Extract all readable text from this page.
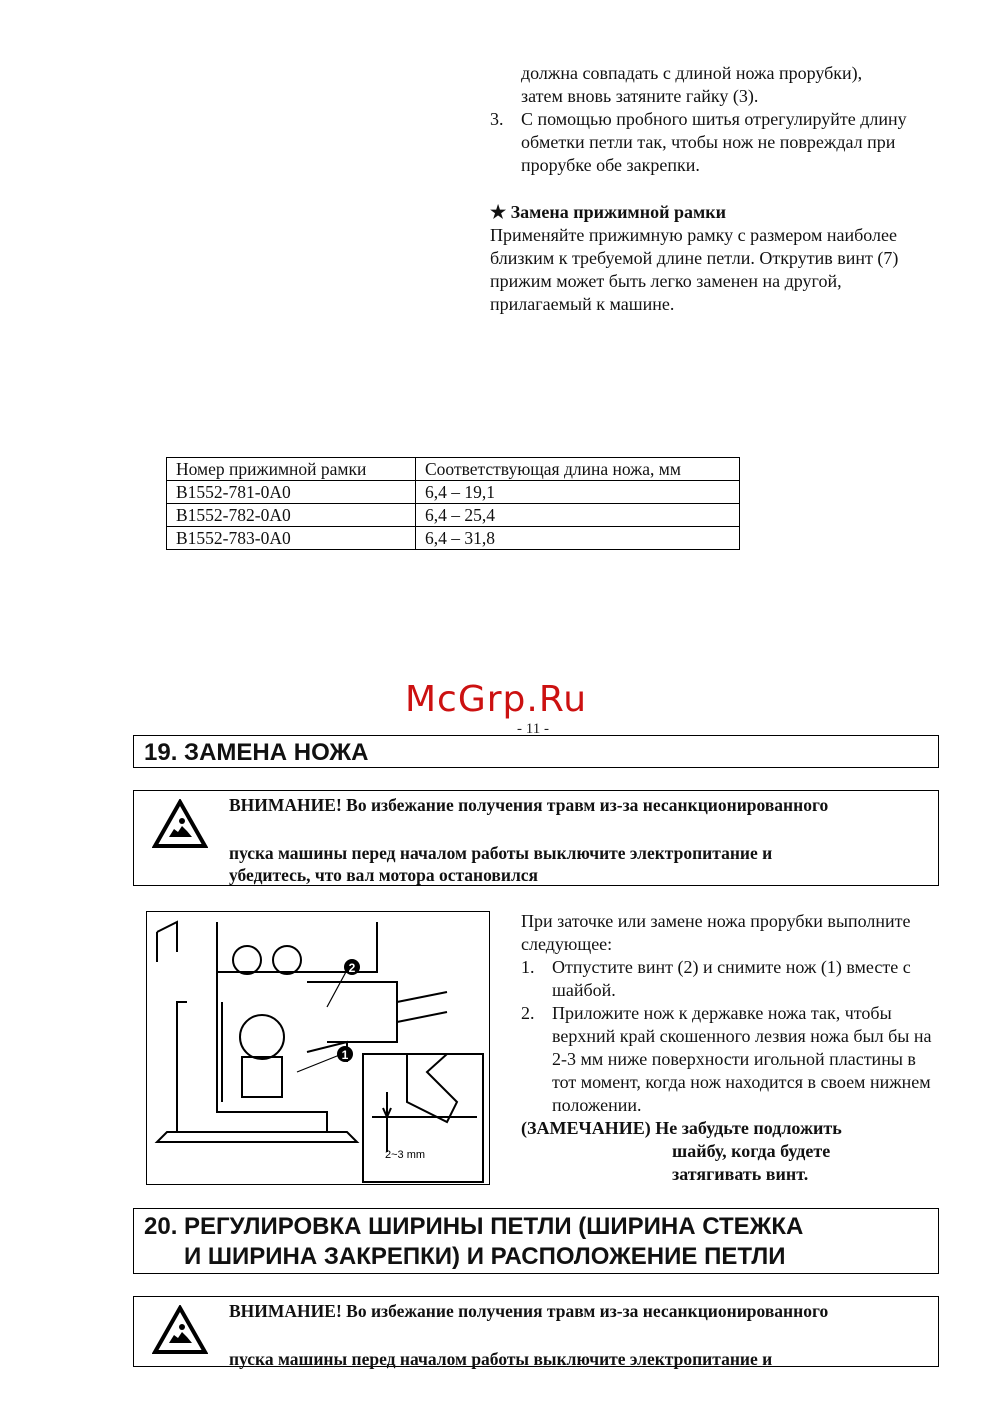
должна совпадать с длиной ножа прорубки),
затем вновь затяните гайку (3).

3. С помощью пробного шитья отрегулируйте длину обметки петли так, чтобы нож не повреждал при прорубке обе закрепки.

★ Замена прижимной рамки

Применяйте прижимную рамку с размером наиболее близким к требуемой длине петли. Открутив винт (7) прижим может быть легко заменен на другой, прилагаемый к машине.

Номер прижимной рамки	Соответствующая длина ножа, мм
B1552-781-0A0	6,4 – 19,1
B1552-782-0A0	6,4 – 25,4
B1552-783-0A0	6,4 – 31,8
McGrp.Ru
- 11 -
19. ЗАМЕНА НОЖА

ВНИМАНИЕ! Во избежание получения травм из-за несанкционированного

пуска машины перед началом работы выключите электропитание и

убедитесь, что вал мотора остановился

2
1
2~3 mm

При заточке или замене ножа прорубки выполните следующее:

1. Отпустите винт (2) и снимите нож (1) вместе с шайбой.

2. Приложите нож к державке ножа так, чтобы верхний край скошенного лезвия ножа был бы на 2-3 мм ниже поверхности игольной пластины в тот момент, когда нож находится в своем нижнем положении.

(ЗАМЕЧАНИЕ) Не забудьте подложить

шайбу, когда будете

затягивать винт.

20. РЕГУЛИРОВКА ШИРИНЫ ПЕТЛИ (ШИРИНА СТЕЖКА
И ШИРИНА ЗАКРЕПКИ) И РАСПОЛОЖЕНИЕ ПЕТЛИ

ВНИМАНИЕ! Во избежание получения травм из-за несанкционированного

пуска машины перед началом работы выключите электропитание и
